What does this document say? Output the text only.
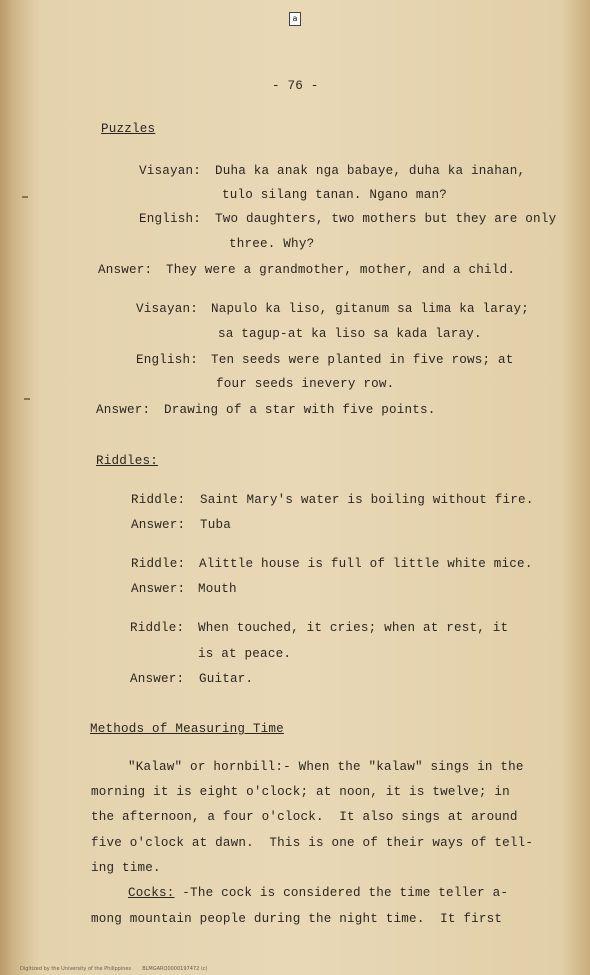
a
- 76 -
Puzzles
Visayan: Duha ka anak nga babaye, duha ka inahan,
tulo silang tanan. Ngano man?
English: Two daughters, two mothers but they are only
three. Why?
Answer: They were a grandmother, mother, and a child.
Visayan: Napulo ka liso, gitanum sa lima ka laray;
sa tagup-at ka liso sa kada laray.
English: Ten seeds were planted in five rows; at
four seeds inevery row.
Answer: Drawing of a star with five points.
Riddles:
Riddle: Saint Mary's water is boiling without fire.
Answer: Tuba
Riddle: Alittle house is full of little white mice.
Answer: Mouth
Riddle: When touched, it cries; when at rest, it
is at peace.
Answer: Guitar.
Methods of Measuring Time
"Kalaw" or hornbill:- When the "kalaw" sings in the
morning it is eight o'clock; at noon, it is twelve; in
the afternoon, a four o'clock.  It also sings at around
five o'clock at dawn.  This is one of their ways of tell-
ing time.
Cocks: -The cock is considered the time teller a-
mong mountain people during the night time.  It first
Digitized by the University of the Philippines       BLMGARQ0000197472 (c)
